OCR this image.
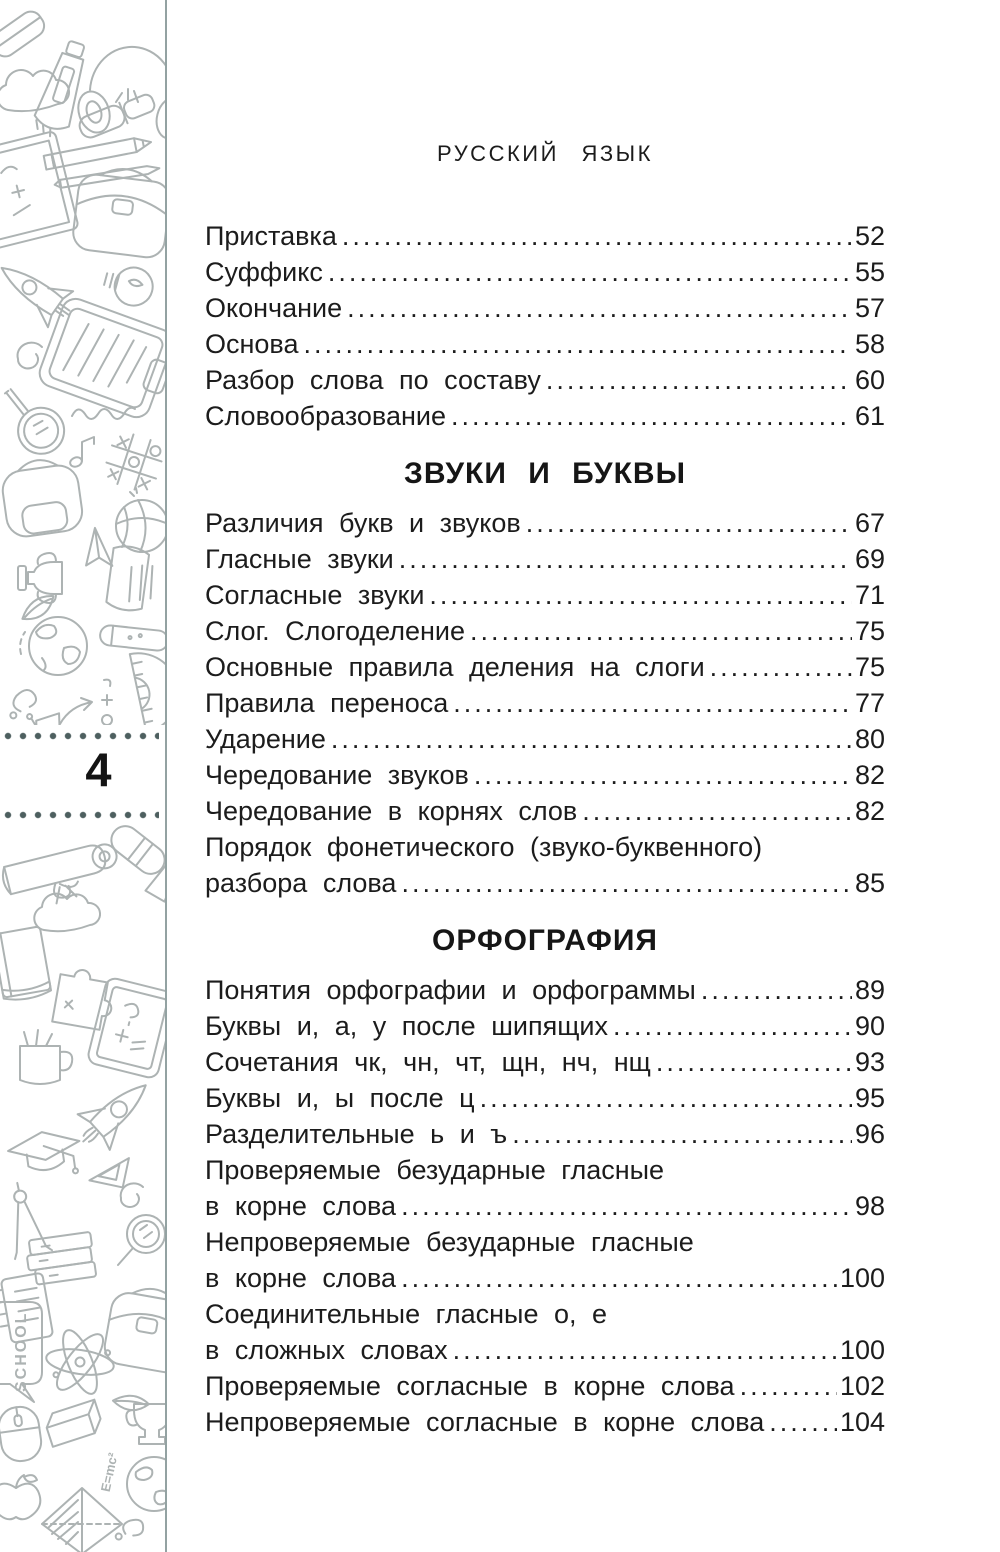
SCHOOL
E=mc²
4
РУССКИЙ ЯЗЫК
Приставка .....	52
Суффикс .....	55
Окончание .....	57
Основа .....	58
Разбор слова по составу .....	60
Словообразование .....	61
ЗВУКИ И БУКВЫ
Различия букв и звуков .....	67
Гласные звуки .....	69
Согласные звуки .....	71
Слог. Слогоделение .....	75
Основные правила деления на слоги .....	75
Правила переноса .....	77
Ударение .....	80
Чередование звуков .....	82
Чередование в корнях слов .....	82
Порядок фонетического (звуко-буквенного)
разбора слова .....	85
ОРФОГРАФИЯ
Понятия орфографии и орфограммы .....	89
Буквы и, а, у после шипящих .....	90
Сочетания чк, чн, чт, щн, нч, нщ .....	93
Буквы и, ы после ц .....	95
Разделительные ь и ъ .....	96
Проверяемые безударные гласные
в корне слова .....	98
Непроверяемые безударные гласные
в корне слова .....	100
Соединительные гласные о, е
в сложных словах .....	100
Проверяемые согласные в корне слова .....	102
Непроверяемые согласные в корне слова .....	104
